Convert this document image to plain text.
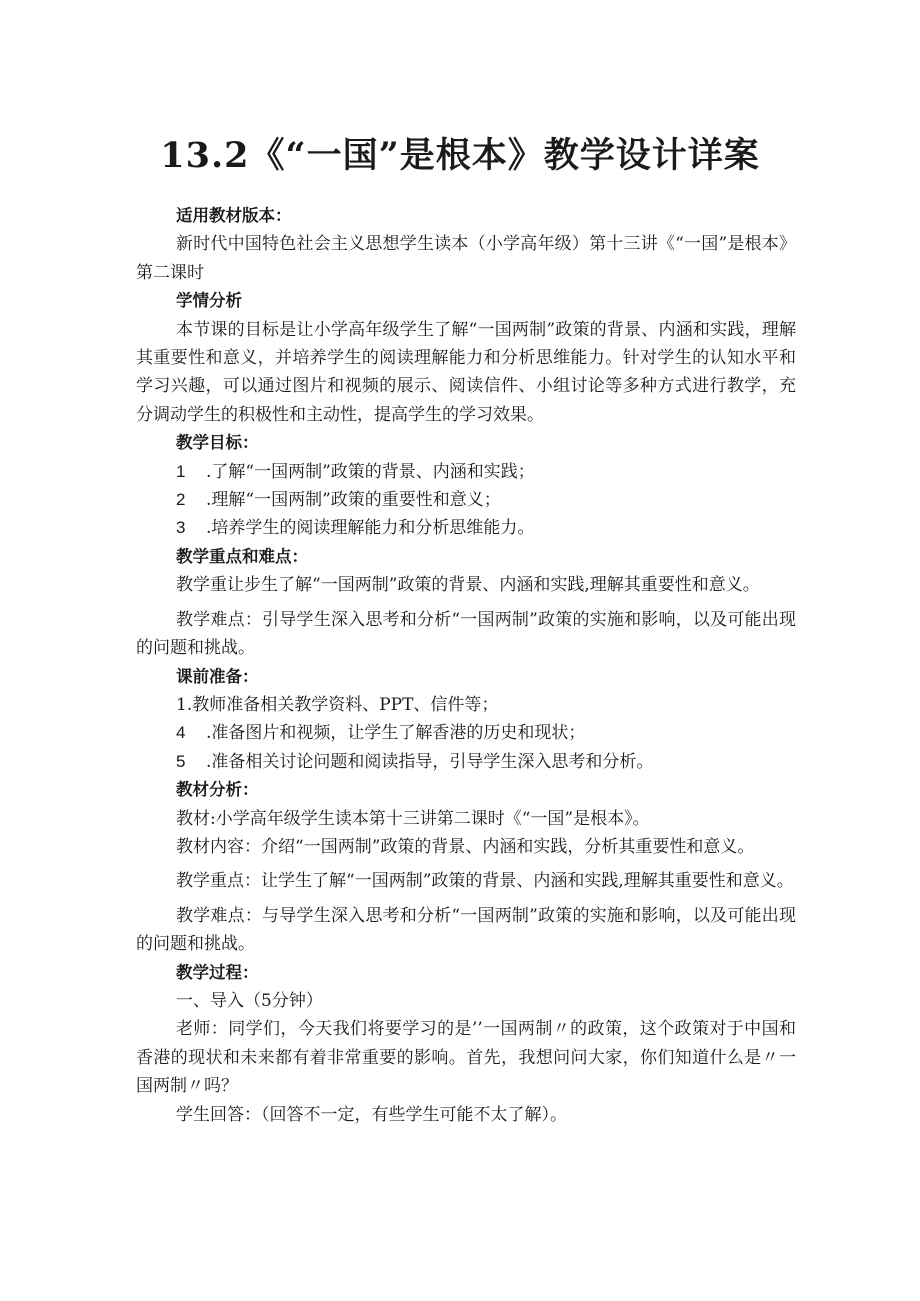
13.2《“一国”是根本》教学设计详案

适用教材版本：

新时代中国特色社会主义思想学生读本（小学高年级）第十三讲《“一国”是根本》第二课时

学情分析

本节课的目标是让小学高年级学生了解“一国两制”政策的背景、内涵和实践，理解其重要性和意义，并培养学生的阅读理解能力和分析思维能力。针对学生的认知水平和学习兴趣，可以通过图片和视频的展示、阅读信件、小组讨论等多种方式进行教学，充分调动学生的积极性和主动性，提高学生的学习效果。

教学目标：

1 .了解“一国两制”政策的背景、内涵和实践；

2 .理解“一国两制”政策的重要性和意义；

3 .培养学生的阅读理解能力和分析思维能力。

教学重点和难点：

教学重让步生了解“一国两制”政策的背景、内涵和实践,理解其重要性和意义。

教学难点：引导学生深入思考和分析“一国两制”政策的实施和影响，以及可能出现的问题和挑战。

课前准备：

1.教师准备相关教学资料、PPT、信件等；

4 .准备图片和视频，让学生了解香港的历史和现状；

5 .准备相关讨论问题和阅读指导，引导学生深入思考和分析。

教材分析：

教材:小学高年级学生读本第十三讲第二课时《“一国”是根本》。

教材内容：介绍“一国两制”政策的背景、内涵和实践，分析其重要性和意义。

教学重点：让学生了解“一国两制”政策的背景、内涵和实践,理解其重要性和意义。

教学难点：与导学生深入思考和分析“一国两制”政策的实施和影响，以及可能出现的问题和挑战。

教学过程：

一、导入（5分钟）

老师：同学们，今天我们将要学习的是’’一国两制〃的政策，这个政策对于中国和香港的现状和未来都有着非常重要的影响。首先，我想问问大家，你们知道什么是〃一国两制〃吗？

学生回答：（回答不一定，有些学生可能不太了解）。
